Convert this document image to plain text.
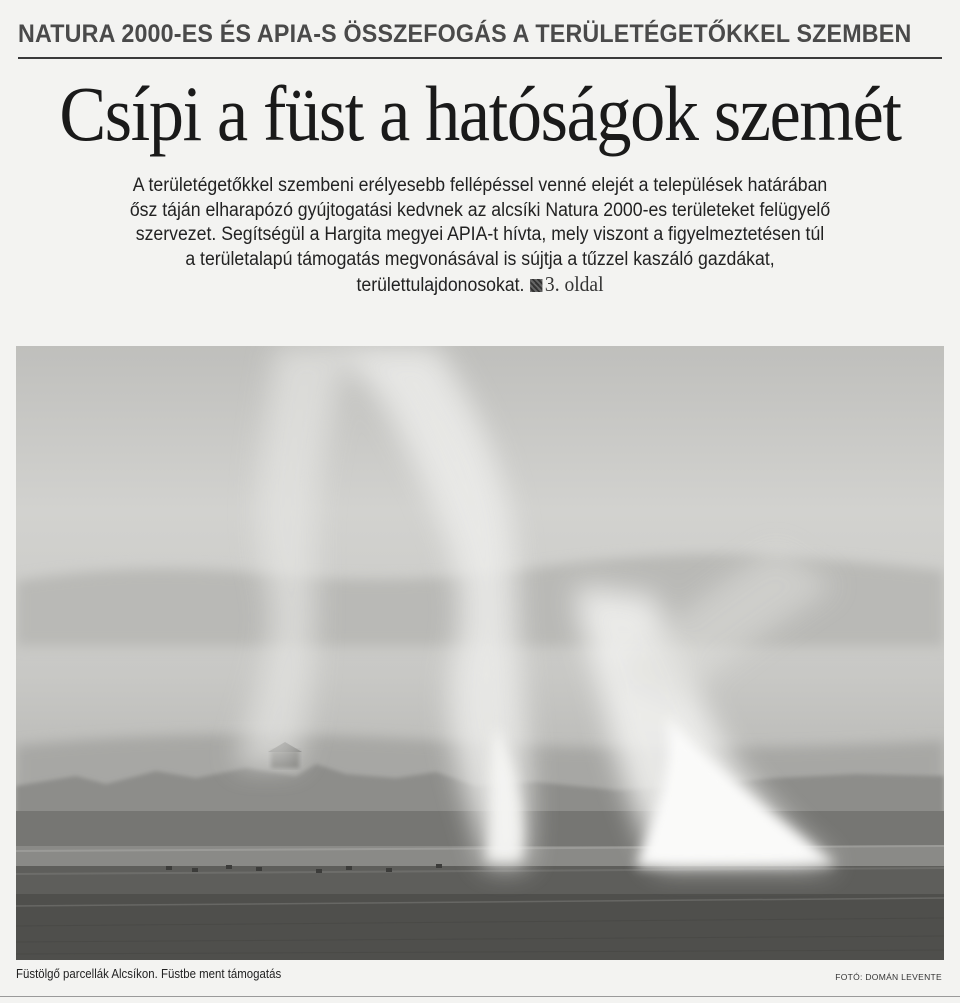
NATURA 2000-ES ÉS APIA-S ÖSSZEFOGÁS A TERÜLETÉGETŐKKEL SZEMBEN
Csípi a füst a hatóságok szemét
A területégetőkkel szembeni erélyesebb fellépéssel venné elejét a települések határában
ősz táján elharapózó gyújtogatási kedvnek az alcsíki Natura 2000-es területeket felügyelő
szervezet. Segítségül a Hargita megyei APIA-t hívta, mely viszont a figyelmeztetésen túl
a területalapú támogatás megvonásával is sújtja a tűzzel kaszáló gazdákat,
területtulajdonosokat. 3. oldal
Füstölgő parcellák Alcsíkon. Füstbe ment támogatás	FOTÓ: DOMÁN LEVENTE
